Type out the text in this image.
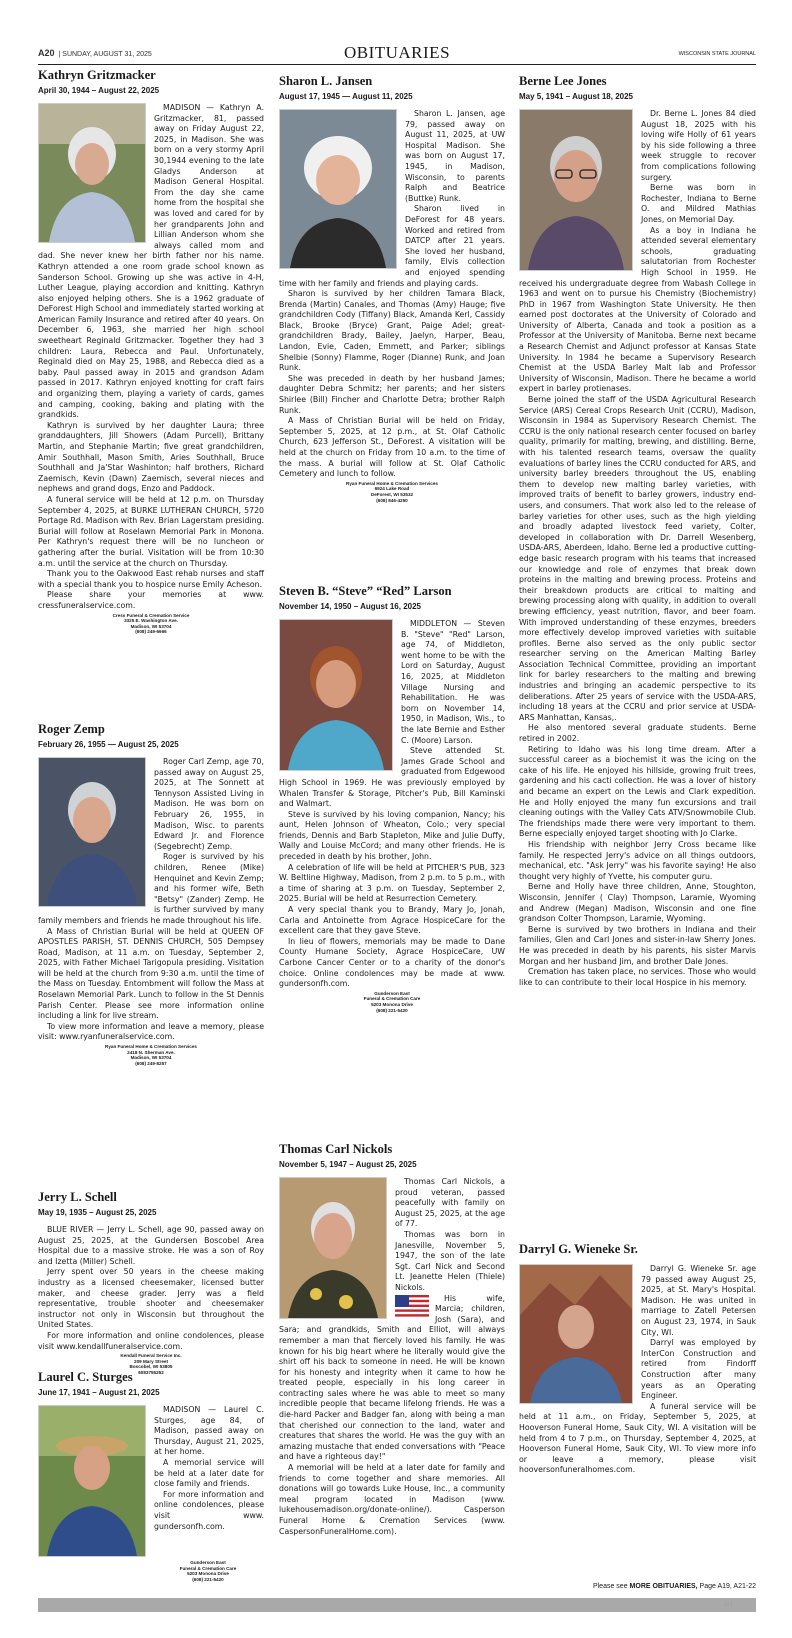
A20 | SUNDAY, AUGUST 31, 2025	OBITUARIES	WISCONSIN STATE JOURNAL
Kathryn Gritzmacker
April 30, 1944 – August 22, 2025

MADISON — Kathryn A. Gritzmacker, 81, passed away on Friday August 22, 2025, in Madison. She was born on a very stormy April 30,1944 evening to the late Gladys Anderson at Madison General Hospital. From the day she came home from the hospital she was loved and cared for by her grandparents John and Lillian Anderson whom she always called mom and dad. She never knew her birth father nor his name. Kathryn attended a one room grade school known as Sanderson School. Growing up she was active in 4-H, Luther League, playing accordion and knitting. Kathryn also enjoyed helping others. She is a 1962 graduate of DeForest High School and immediately started working at American Family Insurance and retired after 40 years. On December 6, 1963, she married her high school sweetheart Reginald Gritzmacker. Together they had 3 children: Laura, Rebecca and Paul. Unfortunately, Reginald died on May 25, 1988, and Rebecca died as a baby. Paul passed away in 2015 and grandson Adam passed in 2017. Kathryn enjoyed knotting for craft fairs and organizing them, playing a variety of cards, games and camping, cooking, baking and plating with the grandkids.

Kathryn is survived by her daughter Laura; three granddaughters, Jill Showers (Adam Purcell), Brittany Martin, and Stephanie Martin; five great grandchildren, Amir Southhall, Mason Smith, Aries Southhall, Bruce Southhall and Ja'Star Washinton; half brothers, Richard Zaemisch, Kevin (Dawn) Zaemisch, several nieces and nephews and grand dogs, Enzo and Paddock.

A funeral service will be held at 12 p.m. on Thursday September 4, 2025, at BURKE LUTHERAN CHURCH, 5720 Portage Rd. Madison with Rev. Brian Lagerstam presiding. Burial will follow at Roselawn Memorial Park in Monona. Per Kathryn's request there will be no luncheon or gathering after the burial. Visitation will be from 10:30 a.m. until the service at the church on Thursday.

Thank you to the Oakwood East rehab nurses and staff with a special thank you to hospice nurse Emily Acheson.

Please share your memories at www. cressfuneralservice.com.

Cress Funeral & Cremation Service
3325 E. Washington Ave.
Madison, WI 53704
(608) 249-6666
Roger Zemp
February 26, 1955 — August 25, 2025

Roger Carl Zemp, age 70, passed away on August 25, 2025, at The Sonnett at Tennyson Assisted Living in Madison. He was born on February 26, 1955, in Madison, Wisc. to parents Edward Jr. and Florence (Segebrecht) Zemp.

Roger is survived by his children, Renee (Mike) Henquinet and Kevin Zemp; and his former wife, Beth "Betsy" (Zander) Zemp. He is further survived by many family members and friends he made throughout his life.

A Mass of Christian Burial will be held at QUEEN OF APOSTLES PARISH, ST. DENNIS CHURCH, 505 Dempsey Road, Madison, at 11 a.m. on Tuesday, September 2, 2025, with Father Michael Tarigopula presiding. Visitation will be held at the church from 9:30 a.m. until the time of the Mass on Tuesday. Entombment will follow the Mass at Roselawn Memorial Park. Lunch to follow in the St Dennis Parish Center. Please see more information online including a link for live stream.

To view more information and leave a memory, please visit: www.ryanfuneralservice.com.

Ryan Funeral Home & Cremation Services
2418 N. Sherman Ave.
Madison, WI 53704
(608) 249-8257
Jerry L. Schell
May 19, 1935 – August 25, 2025

BLUE RIVER — Jerry L. Schell, age 90, passed away on August 25, 2025, at the Gundersen Boscobel Area Hospital due to a massive stroke. He was a son of Roy and Izetta (Miller) Schell.

Jerry spent over 50 years in the cheese making industry as a licensed cheesemaker, licensed butter maker, and cheese grader. Jerry was a field representative, trouble shooter and cheesemaker instructor not only in Wisconsin but throughout the United States.

For more information and online condolences, please visit www.kendallfuneralservice.com.

Kendall Funeral Service Inc.
209 Mary Street
Boscobel, WI 53805
6083755252
Laurel C. Sturges
June 17, 1941 – August 21, 2025

MADISON — Laurel C. Sturges, age 84, of Madison, passed away on Thursday, August 21, 2025, at her home.

A memorial service will be held at a later date for close family and friends.

For more information and online condolences, please visit www. gundersonfh.com.

Gunderson East
Funeral & Cremation Care
5203 Monona Drive
(608) 221-5420
Sharon L. Jansen
August 17, 1945 — August 11, 2025

Sharon L. Jansen, age 79, passed away on August 11, 2025, at UW Hospital Madison. She was born on August 17, 1945, in Madison, Wisconsin, to parents Ralph and Beatrice (Buttke) Runk.

Sharon lived in DeForest for 48 years. Worked and retired from DATCP after 21 years. She loved her husband, family, Elvis collection and enjoyed spending time with her family and friends and playing cards.

Sharon is survived by her children Tamara Black, Brenda (Martin) Canales, and Thomas (Amy) Hauge; five grandchildren Cody (Tiffany) Black, Amanda Kerl, Cassidy Black, Brooke (Bryce) Grant, Paige Adel; great-grandchildren Brady, Bailey, Jaelyn, Harper, Beau, Landon, Evie, Caden, Emmett, and Parker; siblings Shelbie (Sonny) Flamme, Roger (Dianne) Runk, and Joan Runk.

She was preceded in death by her husband James; daughter Debra Schmitz; her parents; and her sisters Shirlee (Bill) Fincher and Charlotte Detra; brother Ralph Runk.

A Mass of Christian Burial will be held on Friday, September 5, 2025, at 12 p.m., at St. Olaf Catholic Church, 623 Jefferson St., DeForest. A visitation will be held at the church on Friday from 10 a.m. to the time of the mass. A burial will follow at St. Olaf Catholic Cemetery and lunch to follow.

Ryan Funeral Home & Cremation Services
6924 Lake Road
DeForest, WI 53532
(608) 846-4250
Steven B. “Steve” “Red” Larson
November 14, 1950 – August 16, 2025

MIDDLETON — Steven B. "Steve" "Red" Larson, age 74, of Middleton, went home to be with the Lord on Saturday, August 16, 2025, at Middleton Village Nursing and Rehabilitation. He was born on November 14, 1950, in Madison, Wis., to the late Bernie and Esther C. (Moore) Larson.

Steve attended St. James Grade School and graduated from Edgewood High School in 1969. He was previously employed by Whalen Transfer & Storage, Pitcher's Pub, Bill Kaminski and Walmart.

Steve is survived by his loving companion, Nancy; his aunt, Helen Johnson of Wheaton, Colo.; very special friends, Dennis and Barb Stapleton, Mike and Julie Duffy, Wally and Louise McCord; and many other friends. He is preceded in death by his brother, John.

A celebration of life will be held at PITCHER'S PUB, 323 W. Beltline Highway, Madison, from 2 p.m. to 5 p.m., with a time of sharing at 3 p.m. on Tuesday, September 2, 2025. Burial will be held at Resurrection Cemetery.

A very special thank you to Brandy, Mary Jo, Jonah, Carla and Antoinette from Agrace HospiceCare for the excellent care that they gave Steve.

In lieu of flowers, memorials may be made to Dane County Humane Society, Agrace HospiceCare, UW Carbone Cancer Center or to a charity of the donor's choice. Online condolences may be made at www. gundersonfh.com.

Gunderson East
Funeral & Cremation Care
5203 Monona Drive
(608) 221-5420
Thomas Carl Nickols
November 5, 1947 – August 25, 2025

Thomas Carl Nickols, a proud veteran, passed peacefully with family on August 25, 2025, at the age of 77.

Thomas was born in Janesville, November 5, 1947, the son of the late Sgt. Carl Nick and Second Lt. Jeanette Helen (Thiele) Nickols.

His wife, Marcia; children, Josh (Sara), and Sara; and grandkids, Smith and Elliot, will always remember a man that fiercely loved his family. He was known for his big heart where he literally would give the shirt off his back to someone in need. He will be known for his honesty and integrity when it came to how he treated people, especially in his long career in contracting sales where he was able to meet so many incredible people that became lifelong friends. He was a die-hard Packer and Badger fan, along with being a man that cherished our connection to the land, water and creatures that shares the world. He was the guy with an amazing mustache that ended conversations with "Peace and have a righteous day!"

A memorial will be held at a later date for family and friends to come together and share memories. All donations will go towards Luke House, Inc., a community meal program located in Madison (www. lukehousemadison.org/donate-online/). Casperson Funeral Home & Cremation Services (www. CaspersonFuneralHome.com).

Berne Lee Jones
May 5, 1941 – August 18, 2025

Dr. Berne L. Jones 84 died August 18, 2025 with his loving wife Holly of 61 years by his side following a three week struggle to recover from complications following surgery.

Berne was born in Rochester, Indiana to Berne O. and Mildred Mathias Jones, on Memorial Day.

As a boy in Indiana he attended several elementary schools, graduating salutatorian from Rochester High School in 1959. He received his undergraduate degree from Wabash College in 1963 and went on to pursue his Chemistry (Biochemistry) PhD in 1967 from Washington State University. He then earned post doctorates at the University of Colorado and University of Alberta, Canada and took a position as a Professor at the University of Manitoba. Berne next became a Research Chemist and Adjunct professor at Kansas State University. In 1984 he became a Supervisory Research Chemist at the USDA Barley Malt lab and Professor University of Wisconsin, Madison. There he became a world expert in barley protienases.

Berne joined the staff of the USDA Agricultural Research Service (ARS) Cereal Crops Research Unit (CCRU), Madison, Wisconsin in 1984 as Supervisory Research Chemist. The CCRU is the only national research center focused on barley quality, primarily for malting, brewing, and distilling. Berne, with his talented research teams, oversaw the quality evaluations of barley lines the CCRU conducted for ARS, and university barley breeders throughout the US, enabling them to develop new malting barley varieties, with improved traits of benefit to barley growers, industry end-users, and consumers. That work also led to the release of barley varieties for other uses, such as the high yielding and broadly adapted livestock feed variety, Colter, developed in collaboration with Dr. Darrell Wesenberg, USDA-ARS, Aberdeen, Idaho. Berne led a productive cutting-edge basic research program with his teams that increased our knowledge and role of enzymes that break down proteins in the malting and brewing process. Proteins and their breakdown products are critical to malting and brewing processing along with quality, in addition to overall brewing efficiency, yeast nutrition, flavor, and beer foam. With improved understanding of these enzymes, breeders more effectively develop improved varieties with suitable profiles. Berne also served as the only public sector researcher serving on the American Malting Barley Association Technical Committee, providing an important link for barley researchers to the malting and brewing industries and bringing an academic perspective to its deliberations. After 25 years of service with the USDA-ARS, including 18 years at the CCRU and prior service at USDA-ARS Manhattan, Kansas,.

He also mentored several graduate students. Berne retired in 2002.

Retiring to Idaho was his long time dream. After a successful career as a biochemist it was the icing on the cake of his life. He enjoyed his hillside, growing fruit trees, gardening and his cacti collection. He was a lover of history and became an expert on the Lewis and Clark expedition. He and Holly enjoyed the many fun excursions and trail cleaning outings with the Valley Cats ATV/Snowmobile Club. The friendships made there were very important to them. Berne especially enjoyed target shooting with Jo Clarke.

His friendship with neighbor Jerry Cross became like family. He respected Jerry's advice on all things outdoors, mechanical, etc. "Ask Jerry" was his favorite saying! He also thought very highly of Yvette, his computer guru.

Berne and Holly have three children, Anne, Stoughton, Wisconsin, Jennifer ( Clay) Thompson, Laramie, Wyoming and Andrew (Megan) Madison, Wisconsin and one fine grandson Colter Thompson, Laramie, Wyoming.

Berne is survived by two brothers in Indiana and their families, Glen and Carl Jones and sister-in-law Sherry Jones. He was preceded in death by his parents, his sister Marvis Morgan and her husband Jim, and brother Dale Jones.

Cremation has taken place, no services. Those who would like to can contribute to their local Hospice in his memory.

Darryl G. Wieneke Sr.

Darryl G. Wieneke Sr. age 79 passed away August 25, 2025, at St. Mary's Hospital. Madison. He was united in marriage to Zatell Petersen on August 23, 1974, in Sauk City, WI.

Darryl was employed by InterCon Construction and retired from Findorff Construction after many years as an Operating Engineer.

A funeral service will be held at 11 a.m., on Friday, September 5, 2025, at Hooverson Funeral Home, Sauk City, WI. A visitation will be held from 4 to 7 p.m., on Thursday, September 4, 2025, at Hooverson Funeral Home, Sauk City, WI. To view more info or leave a memory, please visit hooversonfuneralhomes.com.

Please see MORE OBITUARIES, Page A19, A21-22
00 1
